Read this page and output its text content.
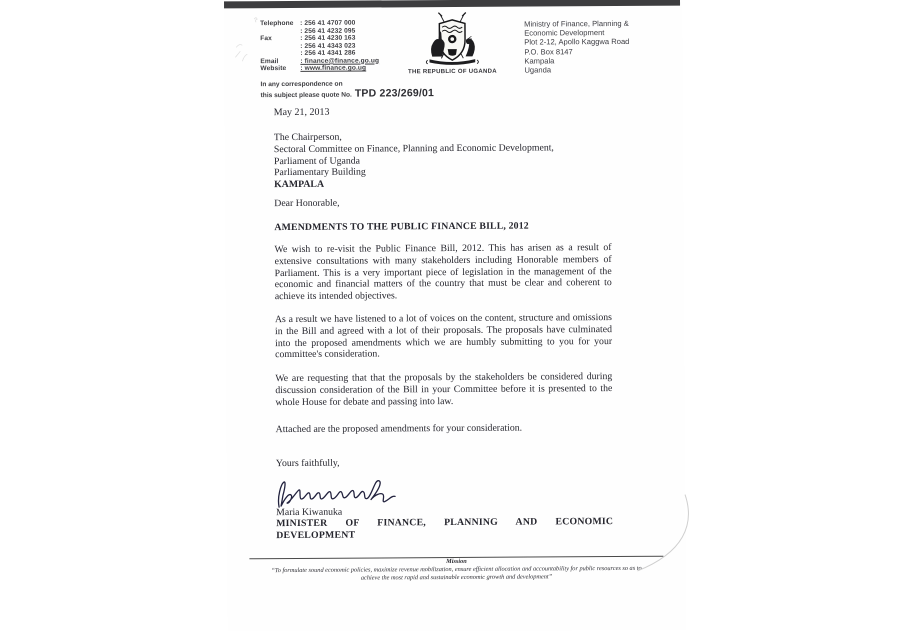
Telephone : 256 41 4707 000
: 256 41 4232 095
Fax	: 256 41 4230 163
: 256 41 4343 023
: 256 41 4341 286
Email	: finance@finance.go.ug
Website	: www.finance.go.ug
THE REPUBLIC OF UGANDA
Ministry of Finance, Planning &
Economic Development
Plot 2-12, Apollo Kaggwa Road
P.O. Box 8147
Kampala
Uganda
In any correspondence on
this subject please quote No. TPD 223/269/01
May 21, 2013
The Chairperson,
Sectoral Committee on Finance, Planning and Economic Development,
Parliament of Uganda
Parliamentary Building
KAMPALA
Dear Honorable,
AMENDMENTS TO THE PUBLIC FINANCE BILL, 2012
We wish to re-visit the Public Finance Bill, 2012. This has arisen as a result of extensive consultations with many stakeholders including Honorable members of Parliament. This is a very important piece of legislation in the management of the economic and financial matters of the country that must be clear and coherent to achieve its intended objectives.
As a result we have listened to a lot of voices on the content, structure and omissions in the Bill and agreed with a lot of their proposals. The proposals have culminated into the proposed amendments which we are humbly submitting to you for your committee's consideration.
We are requesting that that the proposals by the stakeholders be considered during discussion consideration of the Bill in your Committee before it is presented to the whole House for debate and passing into law.
Attached are the proposed amendments for your consideration.
Yours faithfully,
Maria Kiwanuka
MINISTER OF FINANCE, PLANNING AND ECONOMIC
DEVELOPMENT
Mission
“To formulate sound economic policies, maximize revenue mobilization, ensure efficient allocation and accountability for public resources so as to
achieve the most rapid and sustainable economic growth and development”
